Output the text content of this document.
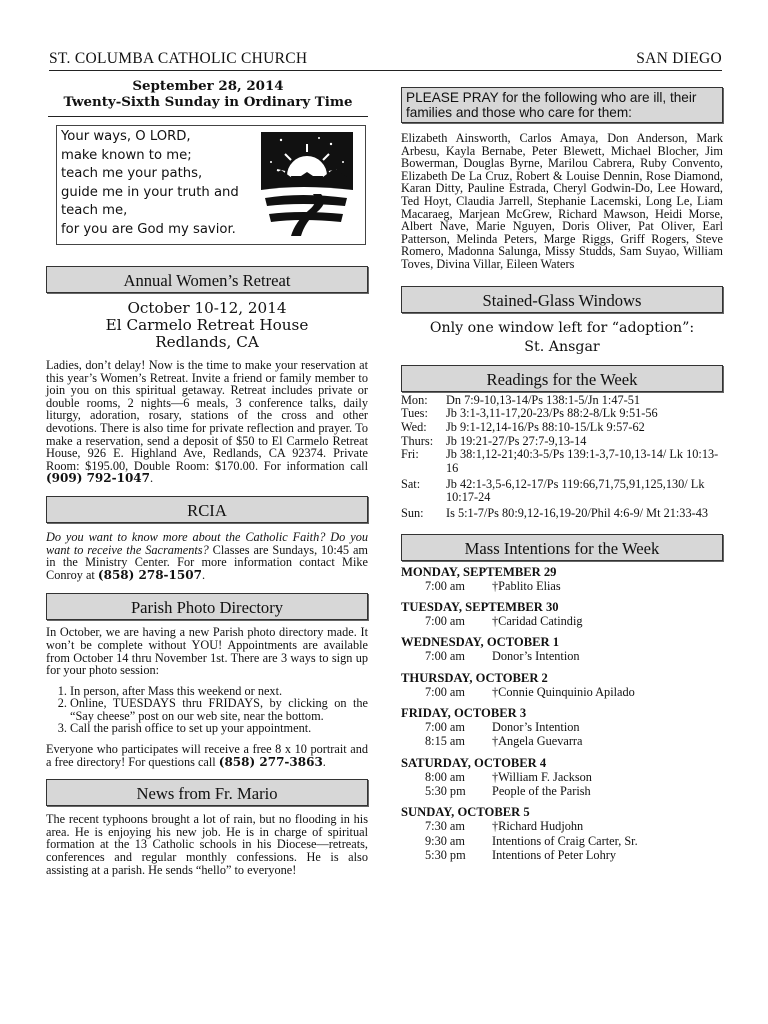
ST. COLUMBA CATHOLIC CHURCH	SAN DIEGO
September 28, 2014
Twenty-Sixth Sunday in Ordinary Time
Your ways, O LORD,
make known to me;
teach me your paths,
guide me in your truth and
teach me,
for you are God my savior.
Annual Women’s Retreat
October 10-12, 2014
El Carmelo Retreat House
Redlands, CA
Ladies, don’t delay! Now is the time to make your reservation at this year’s Women’s Retreat. Invite a friend or family member to join you on this spiritual getaway. Retreat includes private or double rooms, 2 nights—6 meals, 3 conference talks, daily liturgy, adoration, rosary, stations of the cross and other devotions. There is also time for private reflection and prayer. To make a reservation, send a deposit of $50 to El Carmelo Retreat House, 926 E. Highland Ave, Redlands, CA 92374. Private Room: $195.00, Double Room: $170.00. For information call (909) 792-1047.
RCIA
Do you want to know more about the Catholic Faith? Do you want to receive the Sacraments? Classes are Sundays, 10:45 am in the Ministry Center. For more information contact Mike Conroy at (858) 278-1507.
Parish Photo Directory
In October, we are having a new Parish photo directory made. It won’t be complete without YOU! Appointments are available from October 14 thru November 1st. There are 3 ways to sign up for your photo session:
1. In person, after Mass this weekend or next.
2. Online, TUESDAYS thru FRIDAYS, by clicking on the “Say cheese” post on our web site, near the bottom.
3. Call the parish office to set up your appointment.
Everyone who participates will receive a free 8 x 10 portrait and a free directory! For questions call (858) 277-3863.
News from Fr. Mario
The recent typhoons brought a lot of rain, but no flooding in his area. He is enjoying his new job. He is in charge of spiritual formation at the 13 Catholic schools in his Diocese—retreats, conferences and regular monthly confessions. He is also assisting at a parish. He sends “hello” to everyone!
PLEASE PRAY for the following who are ill, their families and those who care for them:
Elizabeth Ainsworth, Carlos Amaya, Don Anderson, Mark Arbesu, Kayla Bernabe, Peter Blewett, Michael Blocher, Jim Bowerman, Douglas Byrne, Marilou Cabrera, Ruby Convento, Elizabeth De La Cruz, Robert & Louise Dennin, Rose Diamond, Karan Ditty, Pauline Estrada, Cheryl Godwin-Do, Lee Howard, Ted Hoyt, Claudia Jarrell, Stephanie Lacemski, Long Le, Liam Macaraeg, Marjean McGrew, Richard Mawson, Heidi Morse, Albert Nave, Marie Nguyen, Doris Oliver, Pat Oliver, Earl Patterson, Melinda Peters, Marge Riggs, Griff Rogers, Steve Romero, Madonna Salunga, Missy Studds, Sam Suyao, William Toves, Divina Villar, Eileen Waters
Stained-Glass Windows
Only one window left for “adoption”:
St. Ansgar
Readings for the Week
Mon:	Dn 7:9-10,13-14/Ps 138:1-5/Jn 1:47-51
Tues:	Jb 3:1-3,11-17,20-23/Ps 88:2-8/Lk 9:51-56
Wed:	Jb 9:1-12,14-16/Ps 88:10-15/Lk 9:57-62
Thurs:	Jb 19:21-27/Ps 27:7-9,13-14
Fri:	Jb 38:1,12-21;40:3-5/Ps 139:1-3,7-10,13-14/ Lk 10:13-16
Sat:	Jb 42:1-3,5-6,12-17/Ps 119:66,71,75,91,125,130/ Lk 10:17-24
Sun:	Is 5:1-7/Ps 80:9,12-16,19-20/Phil 4:6-9/ Mt 21:33-43
Mass Intentions for the Week
MONDAY, SEPTEMBER 29
7:00 am	†Pablito Elias
TUESDAY, SEPTEMBER 30
7:00 am	†Caridad Catindig
WEDNESDAY, OCTOBER 1
7:00 am	Donor’s Intention
THURSDAY, OCTOBER 2
7:00 am	†Connie Quinquinio Apilado
FRIDAY, OCTOBER 3
7:00 am	Donor’s Intention
8:15 am	†Angela Guevarra
SATURDAY, OCTOBER 4
8:00 am	†William F. Jackson
5:30 pm	People of the Parish
SUNDAY, OCTOBER 5
7:30 am	†Richard Hudjohn
9:30 am	Intentions of Craig Carter, Sr.
5:30 pm	Intentions of Peter Lohry
